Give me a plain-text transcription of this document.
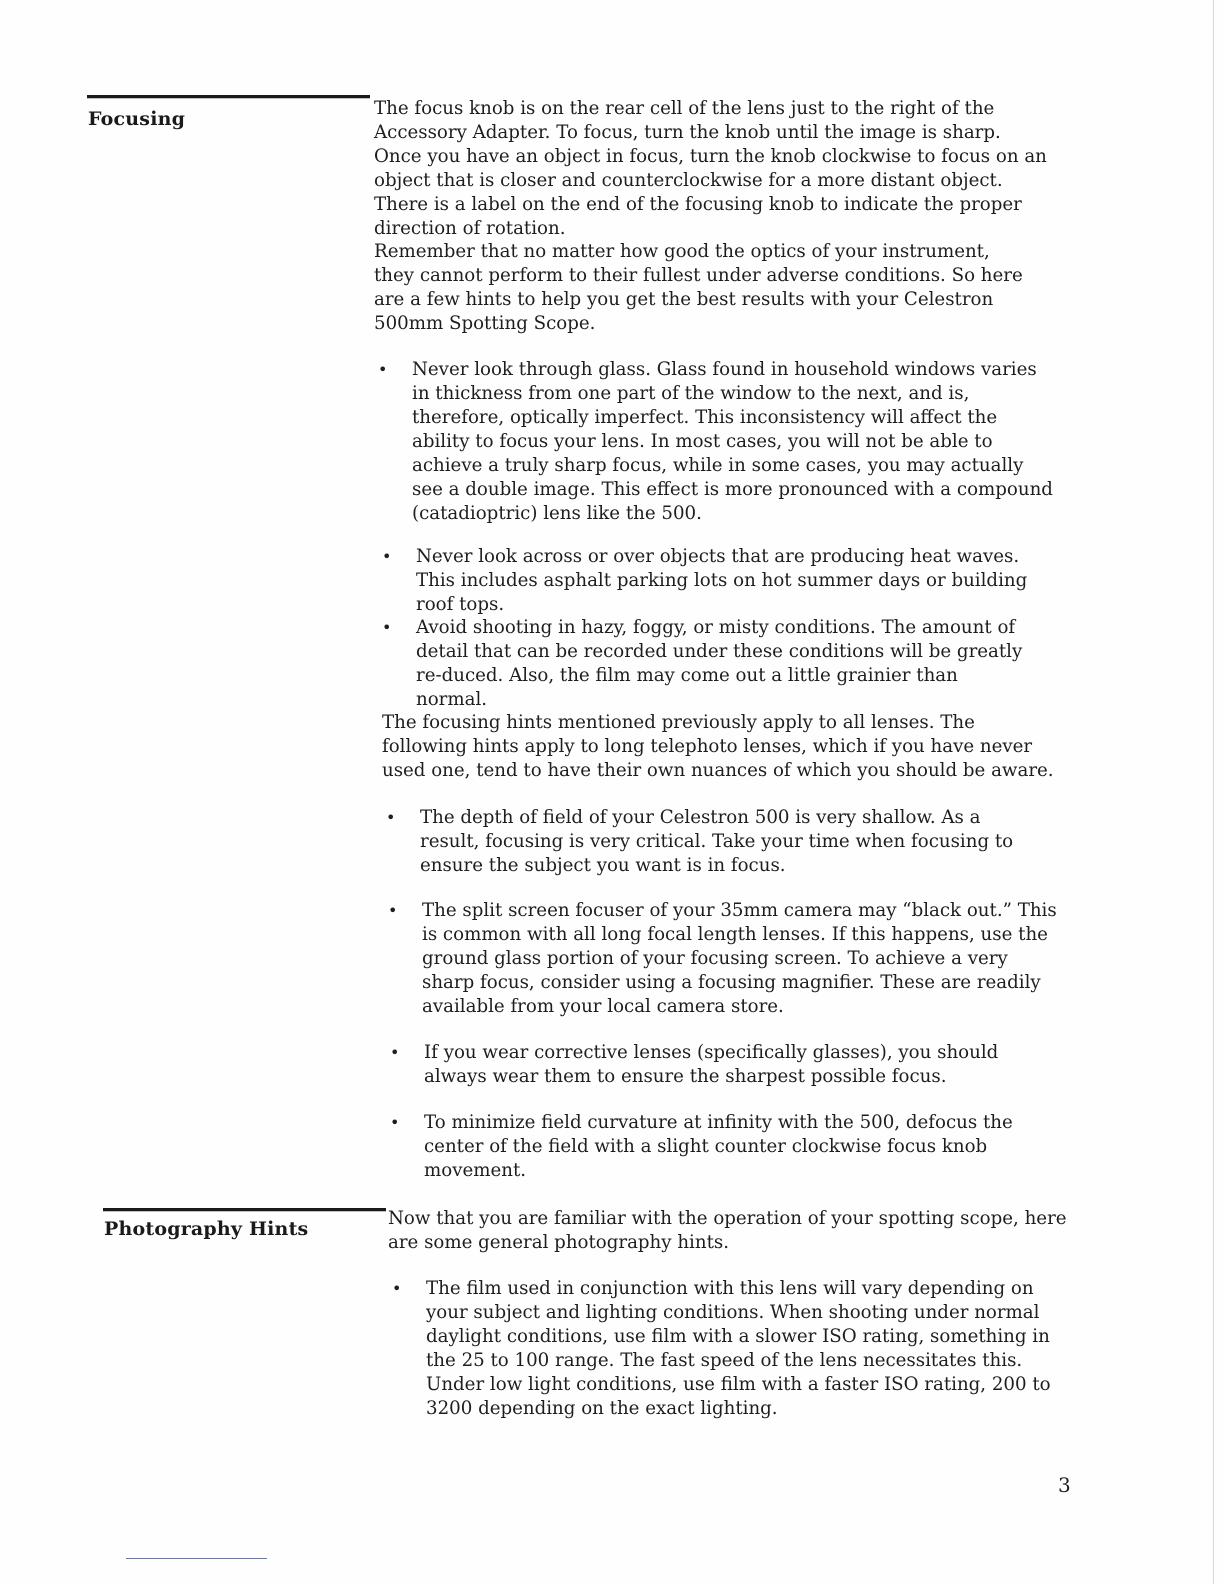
Focusing	The focus knob is on the rear cell of the lens just to the right of the Accessory Adapter. To focus, turn the knob until the image is sharp. Once you have an object in focus, turn the knob clockwise to focus on an object that is closer and counterclockwise for a more distant object. There is a label on the end of the focusing knob to indicate the proper direction of rotation.

Remember that no matter how good the optics of your instrument, they cannot perform to their fullest under adverse conditions. So here are a few hints to help you get the best results with your Celestron 500mm Spotting Scope.

• Never look through glass. Glass found in household windows varies in thickness from one part of the window to the next, and is, therefore, optically imperfect. This inconsistency will affect the ability to focus your lens. In most cases, you will not be able to achieve a truly sharp focus, while in some cases, you may actually see a double image. This effect is more pronounced with a compound (catadioptric) lens like the 500.
• Never look across or over objects that are producing heat waves. This includes asphalt parking lots on hot summer days or building roof tops.
• Avoid shooting in hazy, foggy, or misty conditions. The amount of detail that can be recorded under these conditions will be greatly re-duced. Also, the film may come out a little grainier than normal.

The focusing hints mentioned previously apply to all lenses. The following hints apply to long telephoto lenses, which if you have never used one, tend to have their own nuances of which you should be aware.

• The depth of field of your Celestron 500 is very shallow. As a result, focusing is very critical. Take your time when focusing to ensure the subject you want is in focus.
• The split screen focuser of your 35mm camera may “black out.” This is common with all long focal length lenses. If this happens, use the ground glass portion of your focusing screen. To achieve a very sharp focus, consider using a focusing magnifier. These are readily available from your local camera store.
• If you wear corrective lenses (specifically glasses), you should always wear them to ensure the sharpest possible focus.
• To minimize field curvature at infinity with the 500, defocus the center of the field with a slight counter clockwise focus knob movement.
Photography Hints	Now that you are familiar with the operation of your spotting scope, here are some general photography hints.

• The film used in conjunction with this lens will vary depending on your subject and lighting conditions. When shooting under normal daylight conditions, use film with a slower ISO rating, something in the 25 to 100 range. The fast speed of the lens necessitates this. Under low light conditions, use film with a faster ISO rating, 200 to 3200 depending on the exact lighting.
3
